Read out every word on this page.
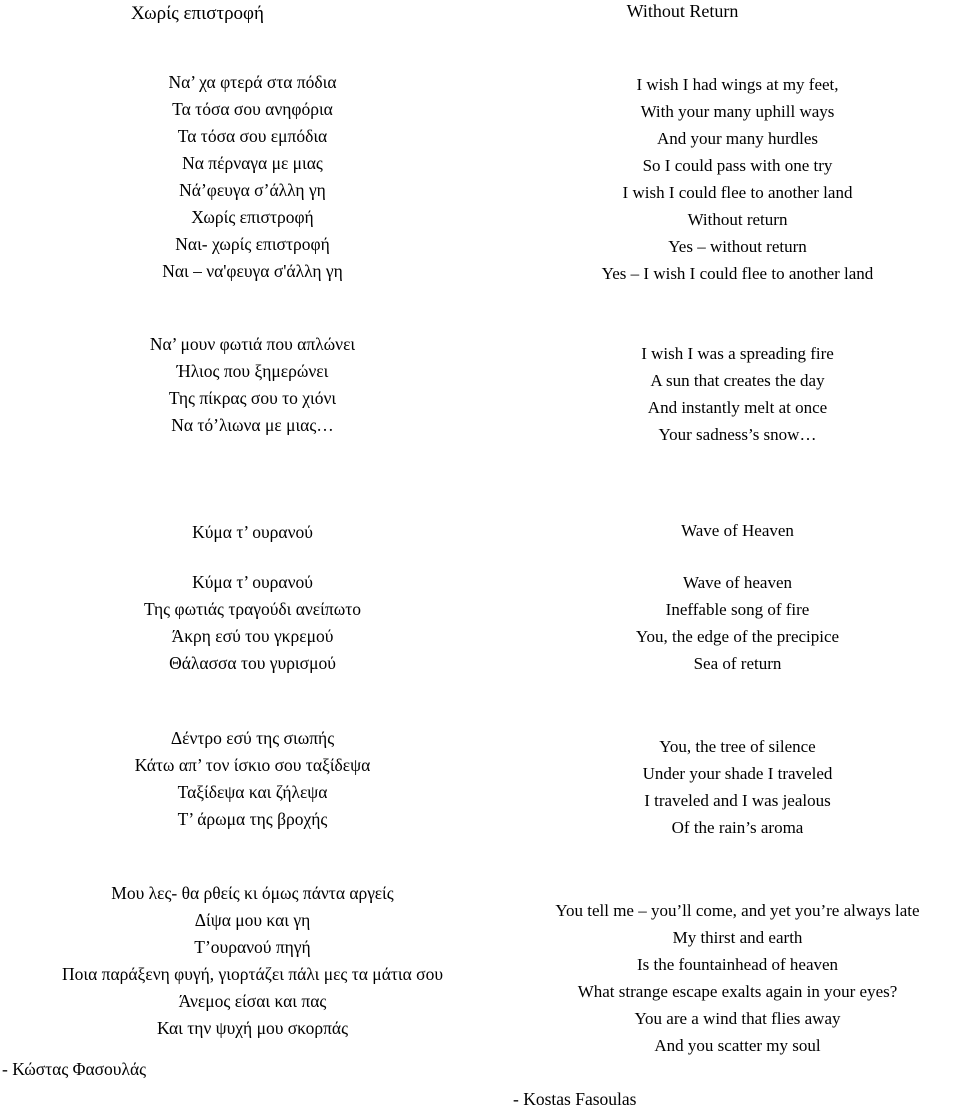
Χωρίς επιστροφή	Without Return
Να’ χα φτερά στα πόδια
Τα τόσα σου ανηφόρια
Τα τόσα σου εμπόδια
Να πέρναγα με μιας
Νά’φευγα σ’άλλη γη
Χωρίς επιστροφή
Ναι- χωρίς επιστροφή
Ναι – να'φευγα σ'άλλη γη
I wish I had wings at my feet,
With your many uphill ways
And your many hurdles
So I could pass with one try
I wish I could flee to another land
Without return
Yes – without return
Yes – I wish I could flee to another land
Να’ μουν φωτιά που απλώνει
Ήλιος που ξημερώνει
Της πίκρας σου το χιόνι
Να τό’λιωνα με μιας…
I wish I was a spreading fire
A sun that creates the day
And instantly melt at once
Your sadness’s snow…
Κύμα τ’ ουρανού	Wave of Heaven
Κύμα τ’ ουρανού
Της φωτιάς τραγούδι ανείπωτο
Άκρη εσύ του γκρεμού
Θάλασσα του γυρισμού
Wave of heaven
Ineffable song of fire
You, the edge of the precipice
Sea of return
Δέντρο εσύ της σιωπής
Κάτω απ’ τον ίσκιο σου ταξίδεψα
Ταξίδεψα και ζήλεψα
Τ’ άρωμα της βροχής
You, the tree of silence
Under your shade I traveled
I traveled and I was jealous
Of the rain’s aroma
Μου λες- θα ρθείς κι όμως πάντα αργείς
Δίψα μου και γη
Τ’ουρανού πηγή
Ποια παράξενη φυγή, γιορτάζει πάλι μες τα μάτια σου
Άνεμος είσαι και πας
Και την ψυχή μου σκορπάς
You tell me – you’ll come, and yet you’re always late
My thirst and earth
Is the fountainhead of heaven
What strange escape exalts again in your eyes?
You are a wind that flies away
And you scatter my soul
- Κώστας Φασουλάς
- Kostas Fasoulas
